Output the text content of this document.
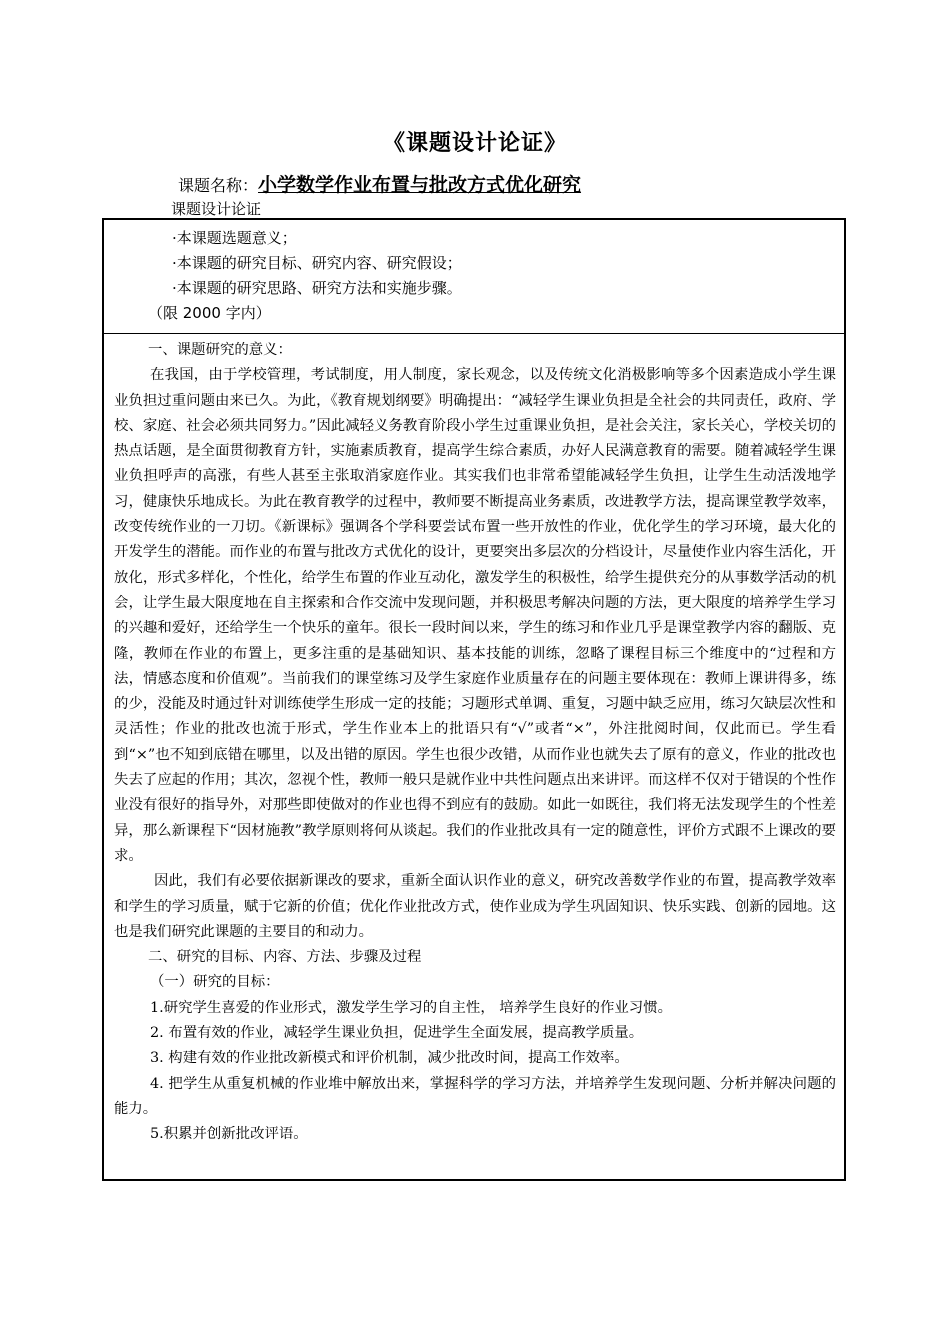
《课题设计论证》
课题名称：小学数学作业布置与批改方式优化研究
课题设计论证
·本课题选题意义；
·本课题的研究目标、研究内容、研究假设；
·本课题的研究思路、研究方法和实施步骤。
（限 2000 字内）

一、课题研究的意义：

在我国，由于学校管理，考试制度，用人制度，家长观念，以及传统文化消极影响等多个因素造成小学生课业负担过重问题由来已久。为此，《教育规划纲要》明确提出：“减轻学生课业负担是全社会的共同责任，政府、学校、家庭、社会必须共同努力。”因此减轻义务教育阶段小学生过重课业负担，是社会关注，家长关心，学校关切的热点话题，是全面贯彻教育方针，实施素质教育，提高学生综合素质，办好人民满意教育的需要。随着减轻学生课业负担呼声的高涨，有些人甚至主张取消家庭作业。其实我们也非常希望能减轻学生负担，让学生生动活泼地学习，健康快乐地成长。为此在教育教学的过程中，教师要不断提高业务素质，改进教学方法，提高课堂教学效率，改变传统作业的一刀切。《新课标》强调各个学科要尝试布置一些开放性的作业，优化学生的学习环境，最大化的开发学生的潜能。而作业的布置与批改方式优化的设计，更要突出多层次的分档设计，尽量使作业内容生活化，开放化，形式多样化，个性化，给学生布置的作业互动化，激发学生的积极性，给学生提供充分的从事数学活动的机会，让学生最大限度地在自主探索和合作交流中发现问题，并积极思考解决问题的方法，更大限度的培养学生学习的兴趣和爱好，还给学生一个快乐的童年。很长一段时间以来，学生的练习和作业几乎是课堂教学内容的翻版、克隆，教师在作业的布置上，更多注重的是基础知识、基本技能的训练，忽略了课程目标三个维度中的“过程和方法，情感态度和价值观”。当前我们的课堂练习及学生家庭作业质量存在的问题主要体现在：教师上课讲得多，练的少，没能及时通过针对训练使学生形成一定的技能；习题形式单调、重复，习题中缺乏应用，练习欠缺层次性和灵活性；作业的批改也流于形式，学生作业本上的批语只有“√”或者“×”，外注批阅时间，仅此而已。学生看到“×”也不知到底错在哪里，以及出错的原因。学生也很少改错，从而作业也就失去了原有的意义，作业的批改也失去了应起的作用；其次，忽视个性，教师一般只是就作业中共性问题点出来讲评。而这样不仅对于错误的个性作业没有很好的指导外，对那些即使做对的作业也得不到应有的鼓励。如此一如既往，我们将无法发现学生的个性差异，那么新课程下“因材施教”教学原则将何从谈起。我们的作业批改具有一定的随意性，评价方式跟不上课改的要求。

因此，我们有必要依据新课改的要求，重新全面认识作业的意义，研究改善数学作业的布置，提高教学效率和学生的学习质量，赋于它新的价值；优化作业批改方式，使作业成为学生巩固知识、快乐实践、创新的园地。这也是我们研究此课题的主要目的和动力。

二、研究的目标、内容、方法、步骤及过程

（一）研究的目标：

1.研究学生喜爱的作业形式，激发学生学习的自主性， 培养学生良好的作业习惯。

2. 布置有效的作业，减轻学生课业负担，促进学生全面发展，提高教学质量。

3. 构建有效的作业批改新模式和评价机制，减少批改时间，提高工作效率。

4. 把学生从重复机械的作业堆中解放出来，掌握科学的学习方法，并培养学生发现问题、分析并解决问题的能力。

5.积累并创新批改评语。
